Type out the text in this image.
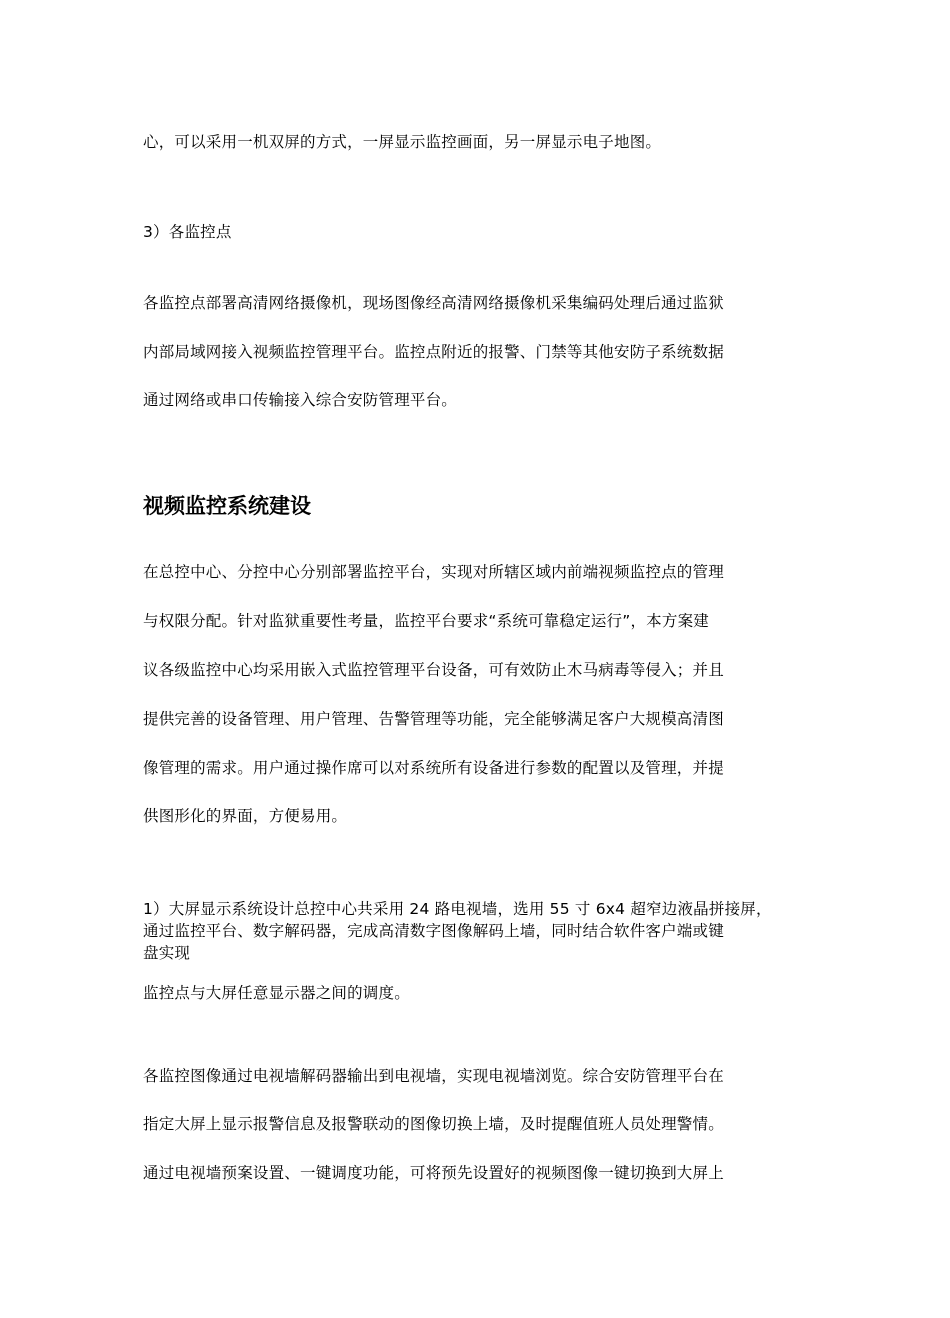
心，可以采用一机双屏的方式，一屏显示监控画面，另一屏显示电子地图。
3）各监控点
各监控点部署高清网络摄像机，现场图像经高清网络摄像机采集编码处理后通过监狱
内部局域网接入视频监控管理平台。监控点附近的报警、门禁等其他安防子系统数据
通过网络或串口传输接入综合安防管理平台。
视频监控系统建设
在总控中心、分控中心分别部署监控平台，实现对所辖区域内前端视频监控点的管理
与权限分配。针对监狱重要性考量，监控平台要求“系统可靠稳定运行”，本方案建
议各级监控中心均采用嵌入式监控管理平台设备，可有效防止木马病毒等侵入；并且
提供完善的设备管理、用户管理、告警管理等功能，完全能够满足客户大规模高清图
像管理的需求。用户通过操作席可以对系统所有设备进行参数的配置以及管理，并提
供图形化的界面，方便易用。
1）大屏显示系统设计总控中心共采用 24 路电视墙，选用 55 寸 6x4 超窄边液晶拼接屏，
通过监控平台、数字解码器，完成高清数字图像解码上墙，同时结合软件客户端或键
盘实现
监控点与大屏任意显示器之间的调度。
各监控图像通过电视墙解码器输出到电视墙，实现电视墙浏览。综合安防管理平台在
指定大屏上显示报警信息及报警联动的图像切换上墙，及时提醒值班人员处理警情。
通过电视墙预案设置、一键调度功能，可将预先设置好的视频图像一键切换到大屏上
